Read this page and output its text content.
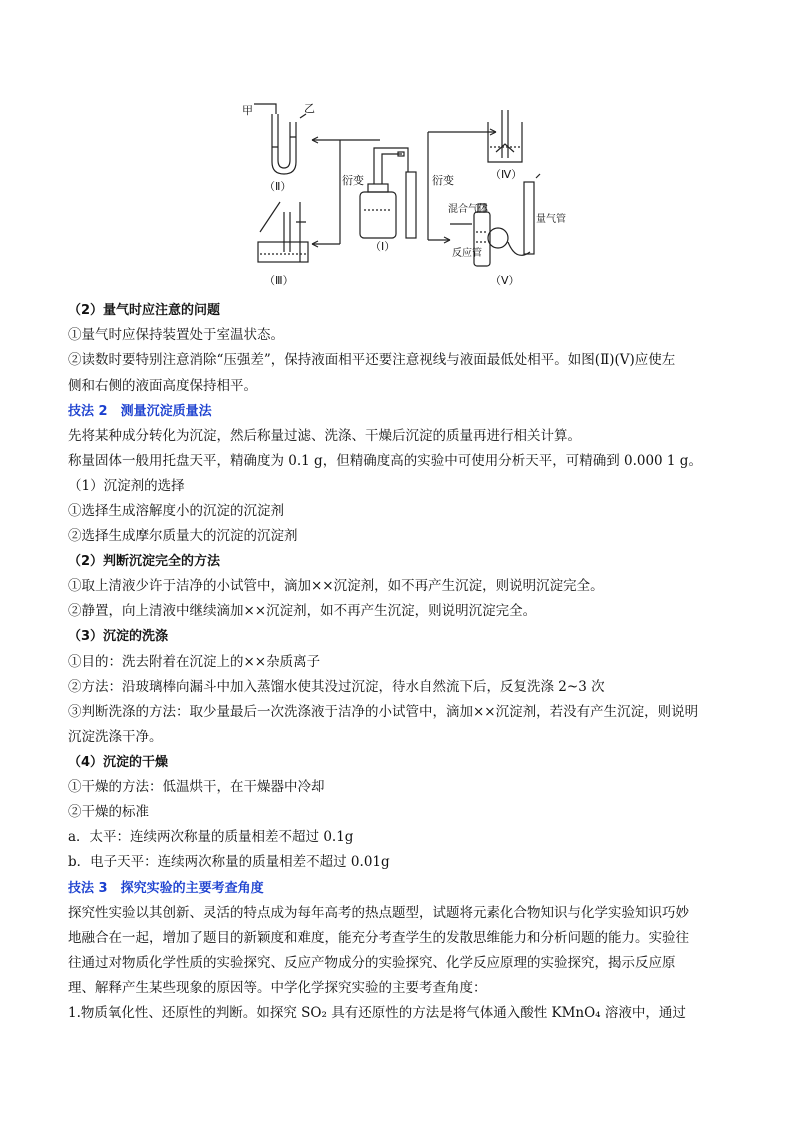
甲	乙
（Ⅱ）
（Ⅰ）
（Ⅲ）
（Ⅳ）
（Ⅴ）
衍变	衍变
混合气体
反应管
量气管
（2）量气时应注意的问题
①量气时应保持装置处于室温状态。
②读数时要特别注意消除“压强差”，保持液面相平还要注意视线与液面最低处相平。如图(Ⅱ)(Ⅴ)应使左
侧和右侧的液面高度保持相平。
技法 2　测量沉淀质量法
先将某种成分转化为沉淀，然后称量过滤、洗涤、干燥后沉淀的质量再进行相关计算。
称量固体一般用托盘天平，精确度为 0.1 g，但精确度高的实验中可使用分析天平，可精确到 0.000 1 g。
（1）沉淀剂的选择
①选择生成溶解度小的沉淀的沉淀剂
②选择生成摩尔质量大的沉淀的沉淀剂
（2）判断沉淀完全的方法
①取上清液少许于洁净的小试管中，滴加××沉淀剂，如不再产生沉淀，则说明沉淀完全。
②静置，向上清液中继续滴加××沉淀剂，如不再产生沉淀，则说明沉淀完全。
（3）沉淀的洗涤
①目的：洗去附着在沉淀上的××杂质离子
②方法：沿玻璃棒向漏斗中加入蒸馏水使其没过沉淀，待水自然流下后，反复洗涤 2~3 次
③判断洗涤的方法：取少量最后一次洗涤液于洁净的小试管中，滴加××沉淀剂，若没有产生沉淀，则说明
沉淀洗涤干净。
（4）沉淀的干燥
①干燥的方法：低温烘干，在干燥器中冷却
②干燥的标准
a．太平：连续两次称量的质量相差不超过 0.1g
b．电子天平：连续两次称量的质量相差不超过 0.01g
技法 3　探究实验的主要考查角度
探究性实验以其创新、灵活的特点成为每年高考的热点题型，试题将元素化合物知识与化学实验知识巧妙
地融合在一起，增加了题目的新颖度和难度，能充分考查学生的发散思维能力和分析问题的能力。实验往
往通过对物质化学性质的实验探究、反应产物成分的实验探究、化学反应原理的实验探究，揭示反应原
理、解释产生某些现象的原因等。中学化学探究实验的主要考查角度：
1.物质氧化性、还原性的判断。如探究 SO₂ 具有还原性的方法是将气体通入酸性 KMnO₄ 溶液中，通过
